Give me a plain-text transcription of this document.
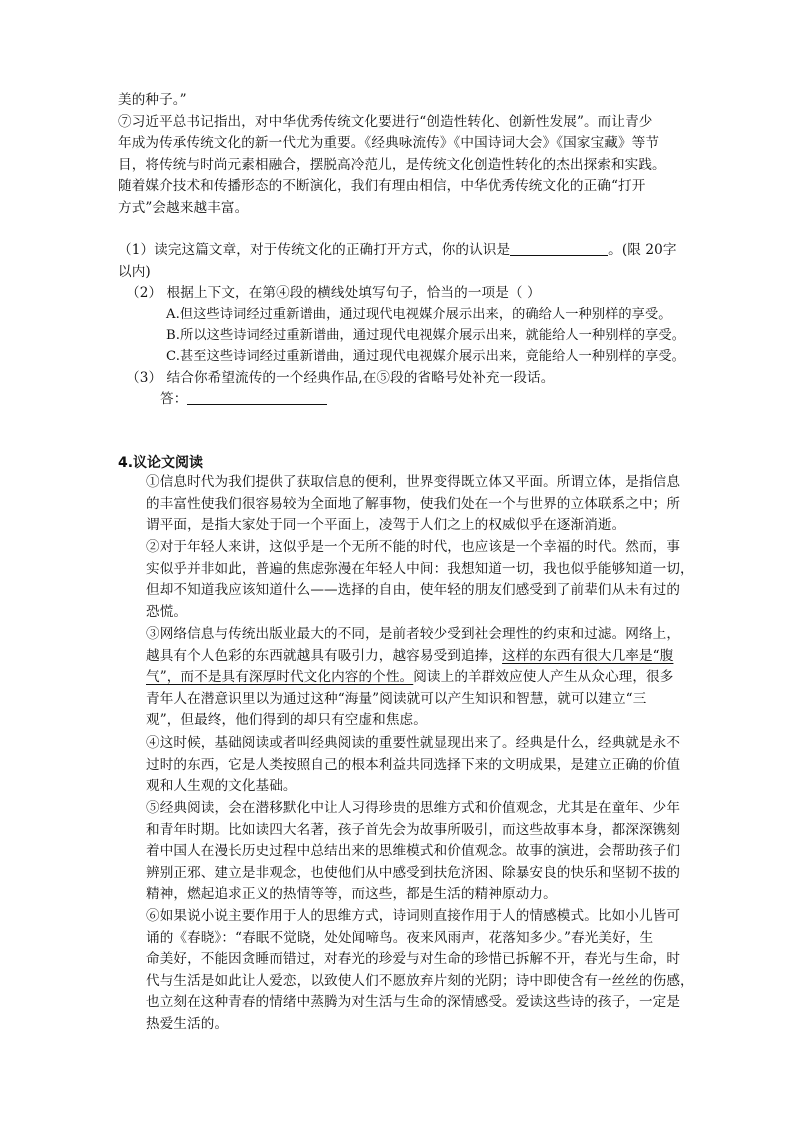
美的种子。”
⑦习近平总书记指出，对中华优秀传统文化要进行“创造性转化、创新性发展”。而让青少
年成为传承传统文化的新一代尤为重要。《经典咏流传》《中国诗词大会》《国家宝藏》等节
目，将传统与时尚元素相融合，摆脱高冷范儿，是传统文化创造性转化的杰出探索和实践。
随着媒介技术和传播形态的不断演化，我们有理由相信，中华优秀传统文化的正确“打开
方式”会越来越丰富。
（1）读完这篇文章，对于传统文化的正确打开方式，你的认识是	。(限 20字
以内)
（2） 根据上下文，在第④段的横线处填写句子，恰当的一项是（ ）
A.但这些诗词经过重新谱曲，通过现代电视媒介展示出来，的确给人一种别样的享受。
B.所以这些诗词经过重新谱曲，通过现代电视媒介展示出来，就能给人一种别样的享受。
C.甚至这些诗词经过重新谱曲，通过现代电视媒介展示出来，竟能给人一种别样的享受。
（3） 结合你希望流传的一个经典作品,在⑤段的省略号处补充一段话。
答：
4.议论文阅读
①信息时代为我们提供了获取信息的便利，世界变得既立体又平面。所谓立体，是指信息
的丰富性使我们很容易较为全面地了解事物，使我们处在一个与世界的立体联系之中；所
谓平面，是指大家处于同一个平面上，凌驾于人们之上的权威似乎在逐渐消逝。
②对于年轻人来讲，这似乎是一个无所不能的时代，也应该是一个幸福的时代。然而，事
实似乎并非如此，普遍的焦虑弥漫在年轻人中间：我想知道一切，我也似乎能够知道一切，
但却不知道我应该知道什么——选择的自由，使年轻的朋友们感受到了前辈们从未有过的
恐慌。
③网络信息与传统出版业最大的不同，是前者较少受到社会理性的约束和过滤。网络上，
越具有个人色彩的东西就越具有吸引力，越容易受到追捧，这样的东西有很大几率是“腹
气”，而不是具有深厚时代文化内容的个性。阅读上的羊群效应使人产生从众心理，很多
青年人在潜意识里以为通过这种“海量”阅读就可以产生知识和智慧，就可以建立“三
观”，但最终，他们得到的却只有空虚和焦虑。
④这时候，基础阅读或者叫经典阅读的重要性就显现出来了。经典是什么，经典就是永不
过时的东西，它是人类按照自己的根本利益共同选择下来的文明成果，是建立正确的价值
观和人生观的文化基础。
⑤经典阅读，会在潜移默化中让人习得珍贵的思维方式和价值观念，尤其是在童年、少年
和青年时期。比如读四大名著，孩子首先会为故事所吸引，而这些故事本身，都深深镌刻
着中国人在漫长历史过程中总结出来的思维模式和价值观念。故事的演进，会帮助孩子们
辨别正邪、建立是非观念，也使他们从中感受到扶危济困、除暴安良的快乐和坚韧不拔的
精神，燃起追求正义的热情等等，而这些，都是生活的精神原动力。
⑥如果说小说主要作用于人的思维方式，诗词则直接作用于人的情感模式。比如小儿皆可
诵的《春晓》：“春眠不觉晓，处处闻啼鸟。夜来风雨声，花落知多少。”春光美好，生
命美好，不能因贪睡而错过，对春光的珍爱与对生命的珍惜已拆解不开，春光与生命，时
代与生活是如此让人爱恋，以致使人们不愿放弃片刻的光阴；诗中即使含有一丝丝的伤感，
也立刻在这种青春的情绪中蒸腾为对生活与生命的深情感受。爱读这些诗的孩子，一定是
热爱生活的。
